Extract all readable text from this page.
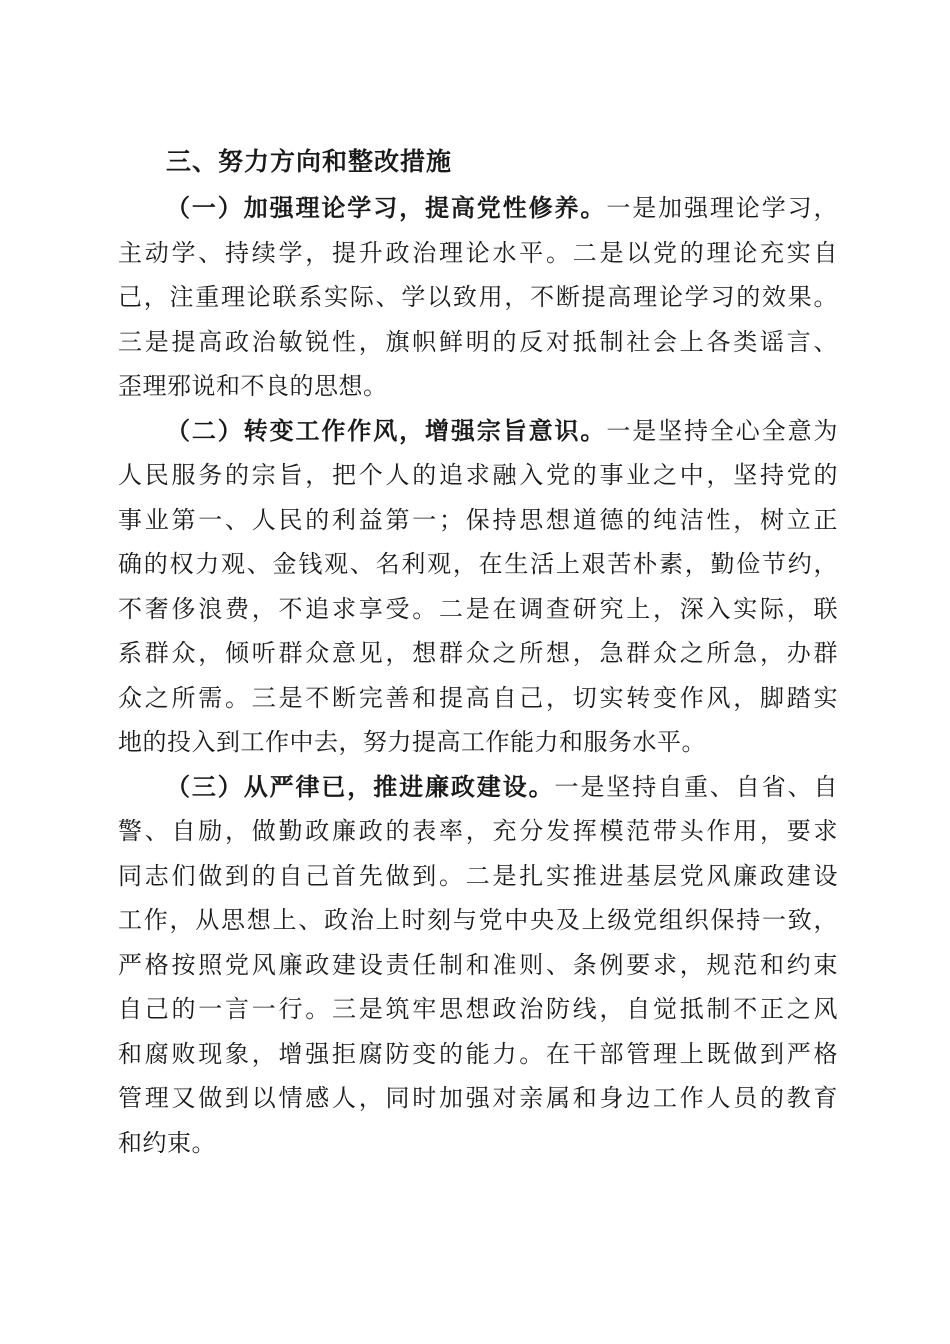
三、努力方向和整改措施

（一）加强理论学习，提高党性修养。一是加强理论学习，
主动学、持续学，提升政治理论水平。二是以党的理论充实自
己，注重理论联系实际、学以致用，不断提高理论学习的效果。
三是提高政治敏锐性，旗帜鲜明的反对抵制社会上各类谣言、
歪理邪说和不良的思想。

（二）转变工作作风，增强宗旨意识。一是坚持全心全意为
人民服务的宗旨，把个人的追求融入党的事业之中，坚持党的
事业第一、人民的利益第一；保持思想道德的纯洁性，树立正
确的权力观、金钱观、名利观，在生活上艰苦朴素，勤俭节约，
不奢侈浪费，不追求享受。二是在调查研究上，深入实际，联
系群众，倾听群众意见，想群众之所想，急群众之所急，办群
众之所需。三是不断完善和提高自己，切实转变作风，脚踏实
地的投入到工作中去，努力提高工作能力和服务水平。

（三）从严律已，推进廉政建设。一是坚持自重、自省、自
警、自励，做勤政廉政的表率，充分发挥模范带头作用，要求
同志们做到的自己首先做到。二是扎实推进基层党风廉政建设
工作，从思想上、政治上时刻与党中央及上级党组织保持一致，
严格按照党风廉政建设责任制和准则、条例要求，规范和约束
自己的一言一行。三是筑牢思想政治防线，自觉抵制不正之风
和腐败现象，增强拒腐防变的能力。在干部管理上既做到严格
管理又做到以情感人，同时加强对亲属和身边工作人员的教育
和约束。
